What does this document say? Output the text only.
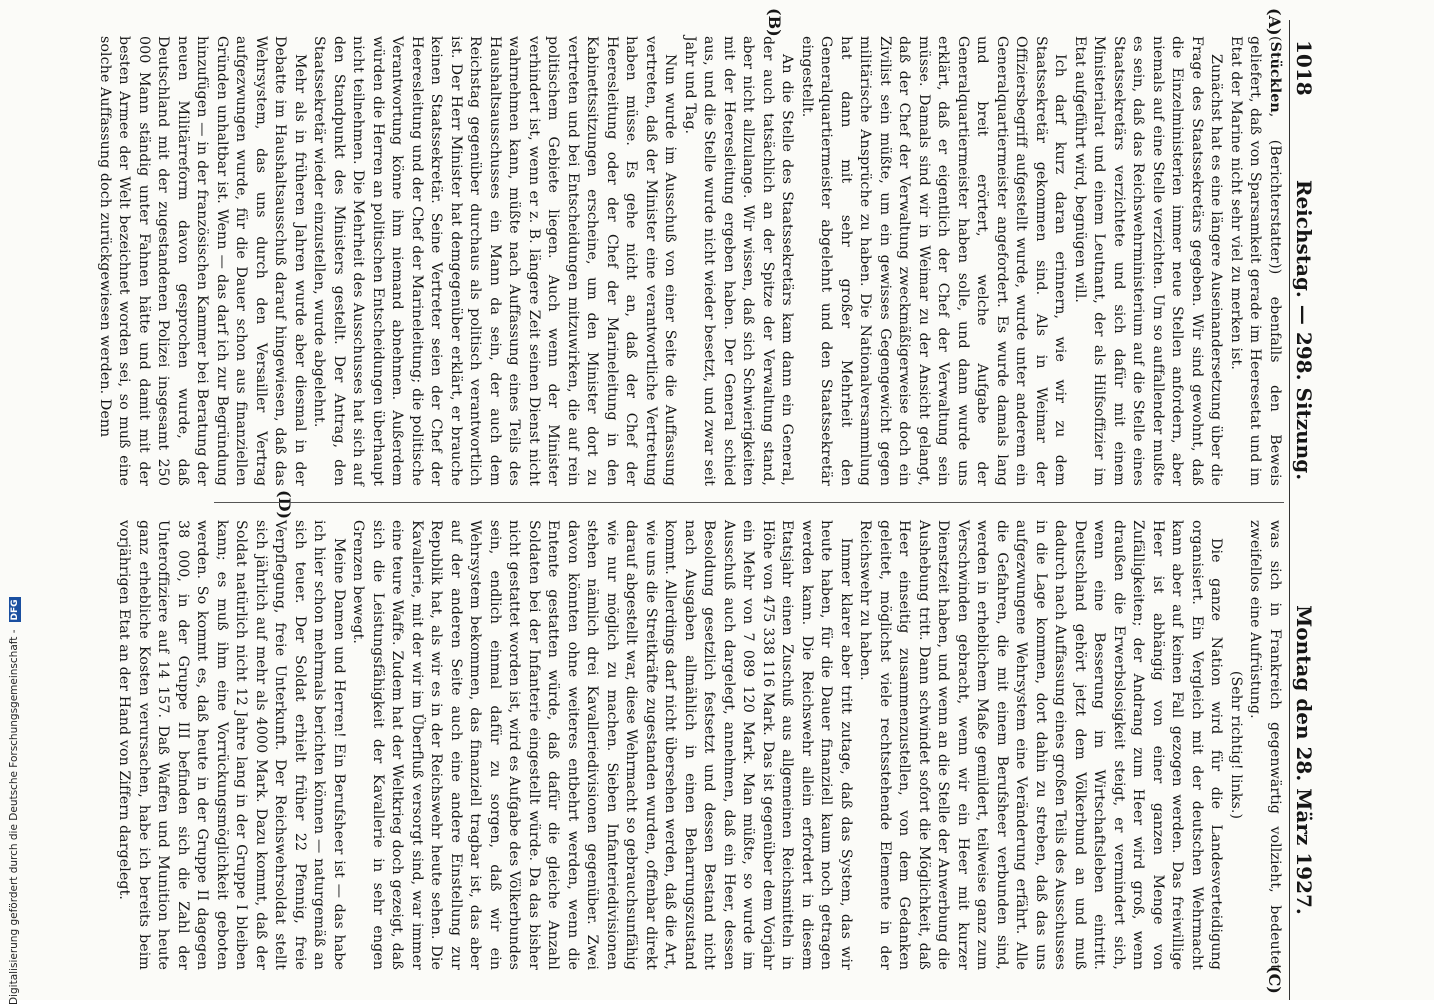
1018
Reichstag. — 298. Sitzung.
Montag den 28. März 1927.
(A)
(B)
(C)
(D)

(Stücklen, (Berichterstatter)) ebenfalls den Beweis geliefert, daß von Sparsamkeit gerade im Heeresetat und im Etat der Marine nicht sehr viel zu merken ist.

Zunächst hat es eine längere Auseinandersetzung über die Frage des Staatssekretärs gegeben. Wir sind gewohnt, daß die Einzelministerien immer neue Stellen anfordern, aber niemals auf eine Stelle verzichten. Um so auffallender mußte es sein, daß das Reichswehrministerium auf die Stelle eines Staatssekretärs verzichtete und sich dafür mit einem Ministerialrat und einem Leutnant, der als Hilfsoffizier im Etat aufgeführt wird, begnügen will.

Ich darf kurz daran erinnern, wie wir zu dem Staatssekretär gekommen sind. Als in Weimar der Offiziersbegriff aufgestellt wurde, wurde unter anderem ein Generalquartiermeister angefordert. Es wurde damals lang und breit erörtert, welche Aufgabe der Generalquartiermeister haben solle, und dann wurde uns erklärt, daß er eigentlich der Chef der Verwaltung sein müsse. Damals sind wir in Weimar zu der Ansicht gelangt, daß der Chef der Verwaltung zweckmäßigerweise doch ein Zivilist sein müßte, um ein gewisses Gegengewicht gegen militärische Ansprüche zu haben. Die Nationalversammlung hat dann mit sehr großer Mehrheit den Generalquartiermeister abgelehnt und den Staatssekretär eingestellt.

An die Stelle des Staatssekretärs kam dann ein General, der auch tatsächlich an der Spitze der Verwaltung stand, aber nicht allzulange. Wir wissen, daß sich Schwierigkeiten mit der Heeresleitung ergeben haben. Der General schied aus, und die Stelle wurde nicht wieder besetzt, und zwar seit Jahr und Tag.

Nun wurde im Ausschuß von einer Seite die Auffassung vertreten, daß der Minister eine verantwortliche Vertretung haben müsse. Es gehe nicht an, daß der Chef der Heeresleitung oder der Chef der Marineleitung in den Kabinettssitzungen erscheine, um den Minister dort zu vertreten und bei Entscheidungen mitzuwirken, die auf rein politischem Gebiete liegen. Auch wenn der Minister verhindert ist, wenn er z. B. längere Zeit seinen Dienst nicht wahrnehmen kann, müßte nach Auffassung eines Teils des Haushaltsausschusses ein Mann da sein, der auch dem Reichstag gegenüber durchaus als politisch verantwortlich ist. Der Herr Minister hat demgegenüber erklärt, er brauche keinen Staatssekretär. Seine Vertreter seien der Chef der Heeresleitung und der Chef der Marineleitung; die politische Verantwortung könne ihm niemand abnehmen. Außerdem würden die Herren an politischen Entscheidungen überhaupt nicht teilnehmen. Die Mehrheit des Ausschusses hat sich auf den Standpunkt des Ministers gestellt. Der Antrag, den Staatssekretär wieder einzustellen, wurde abgelehnt.

Mehr als in früheren Jahren wurde aber diesmal in der Debatte im Haushaltsausschuß darauf hingewiesen, daß das Wehrsystem, das uns durch den Versailler Vertrag aufgezwungen wurde, für die Dauer schon aus finanziellen Gründen unhaltbar ist. Wenn — das darf ich zur Begründung hinzufügen — in der französischen Kammer bei Beratung der neuen Militärreform davon gesprochen wurde, daß Deutschland mit der zugestandenen Polizei insgesamt 250 000 Mann ständig unter Fahnen hätte und damit mit der besten Armee der Welt bezeichnet worden sei, so muß eine solche Auffassung doch zurückgewiesen werden. Denn

was sich in Frankreich gegenwärtig vollzieht, bedeutet zweifellos eine Aufrüstung.

(Sehr richtig! links.)

Die ganze Nation wird für die Landesverteidigung organisiert. Ein Vergleich mit der deutschen Wehrmacht kann aber auf keinen Fall gezogen werden. Das freiwillige Heer ist abhängig von einer ganzen Menge von Zufälligkeiten; der Andrang zum Heer wird groß, wenn draußen die Erwerbslosigkeit steigt, er vermindert sich, wenn eine Besserung im Wirtschaftsleben eintritt. Deutschland gehört jetzt dem Völkerbund an und muß dadurch nach Auffassung eines großen Teils des Ausschusses in die Lage kommen, dort dahin zu streben, daß das uns aufgezwungene Wehrsystem eine Veränderung erfährt. Alle die Gefahren, die mit einem Berufsheer verbunden sind, werden in erheblichem Maße gemildert, teilweise ganz zum Verschwinden gebracht, wenn wir ein Heer mit kurzer Dienstzeit haben, und wenn an die Stelle der Anwerbung die Aushebung tritt. Dann schwindet sofort die Möglichkeit, daß Heer einseitig zusammenzustellen, von dem Gedanken geleitet, möglichst viele rechtsstehende Elemente in der Reichswehr zu haben.

Immer klarer aber tritt zutage, daß das System, das wir heute haben, für die Dauer finanziell kaum noch getragen werden kann. Die Reichswehr allein erfordert in diesem Etatsjahr einen Zuschuß aus allgemeinen Reichsmitteln in Höhe von 475 338 116 Mark. Das ist gegenüber dem Vorjahr ein Mehr von 7 089 120 Mark. Man müßte, so wurde im Ausschuß auch dargelegt, annehmen, daß ein Heer, dessen Besoldung gesetzlich festsetzt und dessen Bestand nicht nach Ausgaben allmählich in einen Beharrungszustand kommt. Allerdings darf nicht übersehen werden, daß die Art, wie uns die Streitkräfte zugestanden wurden, offenbar direkt darauf abgestellt war, diese Wehrmacht so gebrauchsunfähig wie nur möglich zu machen. Sieben Infanteriedivisionen stehen nämlich drei Kavalleriedivisionen gegenüber. Zwei davon könnten ohne weiteres entbehrt werden, wenn die Entente gestatten würde, daß dafür die gleiche Anzahl Soldaten bei der Infanterie eingestellt würde. Da das bisher nicht gestattet worden ist, wird es Aufgabe des Völkerbundes sein, endlich einmal dafür zu sorgen, daß wir ein Wehrsystem bekommen, das finanziell tragbar ist, das aber auf der anderen Seite auch eine andere Einstellung zur Republik hat, als wir es in der Reichswehr heute sehen. Die Kavallerie, mit der wir im Überfluß versorgt sind, war immer eine teure Waffe. Zudem hat der Weltkrieg doch gezeigt, daß sich die Leistungsfähigkeit der Kavallerie in sehr engen Grenzen bewegt.

Meine Damen und Herren! Ein Berufsheer ist — das habe ich hier schon mehrmals berichten können — naturgemäß an sich teuer. Der Soldat erhielt früher 22 Pfennig, freie Verpflegung, freie Unterkunft. Der Reichswehrsoldat stellt sich jährlich auf mehr als 4000 Mark. Dazu kommt, daß der Soldat natürlich nicht 12 Jahre lang in der Gruppe I bleiben kann; es muß ihm eine Vorrückungsmöglichkeit geboten werden. So kommt es, daß heute in der Gruppe II dagegen 38 000, in der Gruppe III befinden sich die Zahl der Unteroffiziere auf 14 157. Daß Waffen und Munition heute ganz erhebliche Kosten verursachen, habe ich bereits beim vorjährigen Etat an der Hand von Ziffern dargelegt.

Digitalisierung gefördert durch die Deutsche Forschungsgemeinschaft - DFG
